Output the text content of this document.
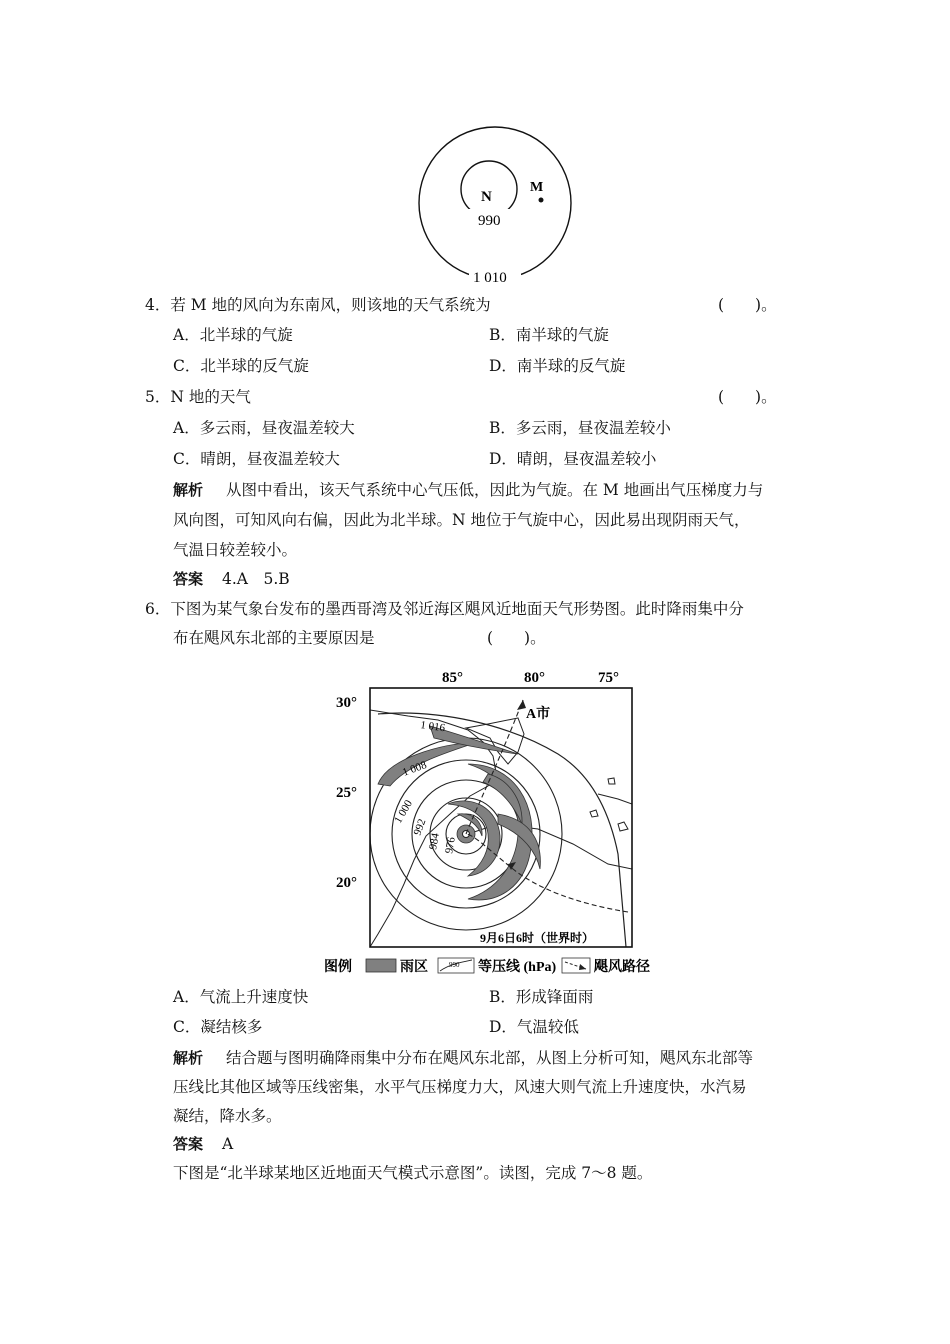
N
M
990
1 010
4．若 M 地的风向为东南风，则该地的天气系统为	(　　)。
A．北半球的气旋	B．南半球的气旋
C．北半球的反气旋	D．南半球的反气旋
5．N 地的天气	(　　)。
A．多云雨，昼夜温差较大	B．多云雨，昼夜温差较小
C．晴朗，昼夜温差较大	D．晴朗，昼夜温差较小
解析 从图中看出，该天气系统中心气压低，因此为气旋。在 M 地画出气压梯度力与
风向图，可知风向右偏，因此为北半球。N 地位于气旋中心，因此易出现阴雨天气，
气温日较差较小。
答案 4.A　5.B
6．下图为某气象台发布的墨西哥湾及邻近海区飓风近地面天气形势图。此时降雨集中分
布在飓风东北部的主要原因是	(　　)。
85°	80°	75°
30°
25°
20°
1 016
1 008
1 000
992
984 976
A市
9月6日6时（世界时）
图例	雨区	990 等压线 (hPa)	飓风路径
A．气流上升速度快	B．形成锋面雨
C．凝结核多	D．气温较低
解析 结合题与图明确降雨集中分布在飓风东北部，从图上分析可知，飓风东北部等
压线比其他区域等压线密集，水平气压梯度力大，风速大则气流上升速度快，水汽易
凝结，降水多。
答案 A
下图是“北半球某地区近地面天气模式示意图”。读图，完成 7～8 题。
